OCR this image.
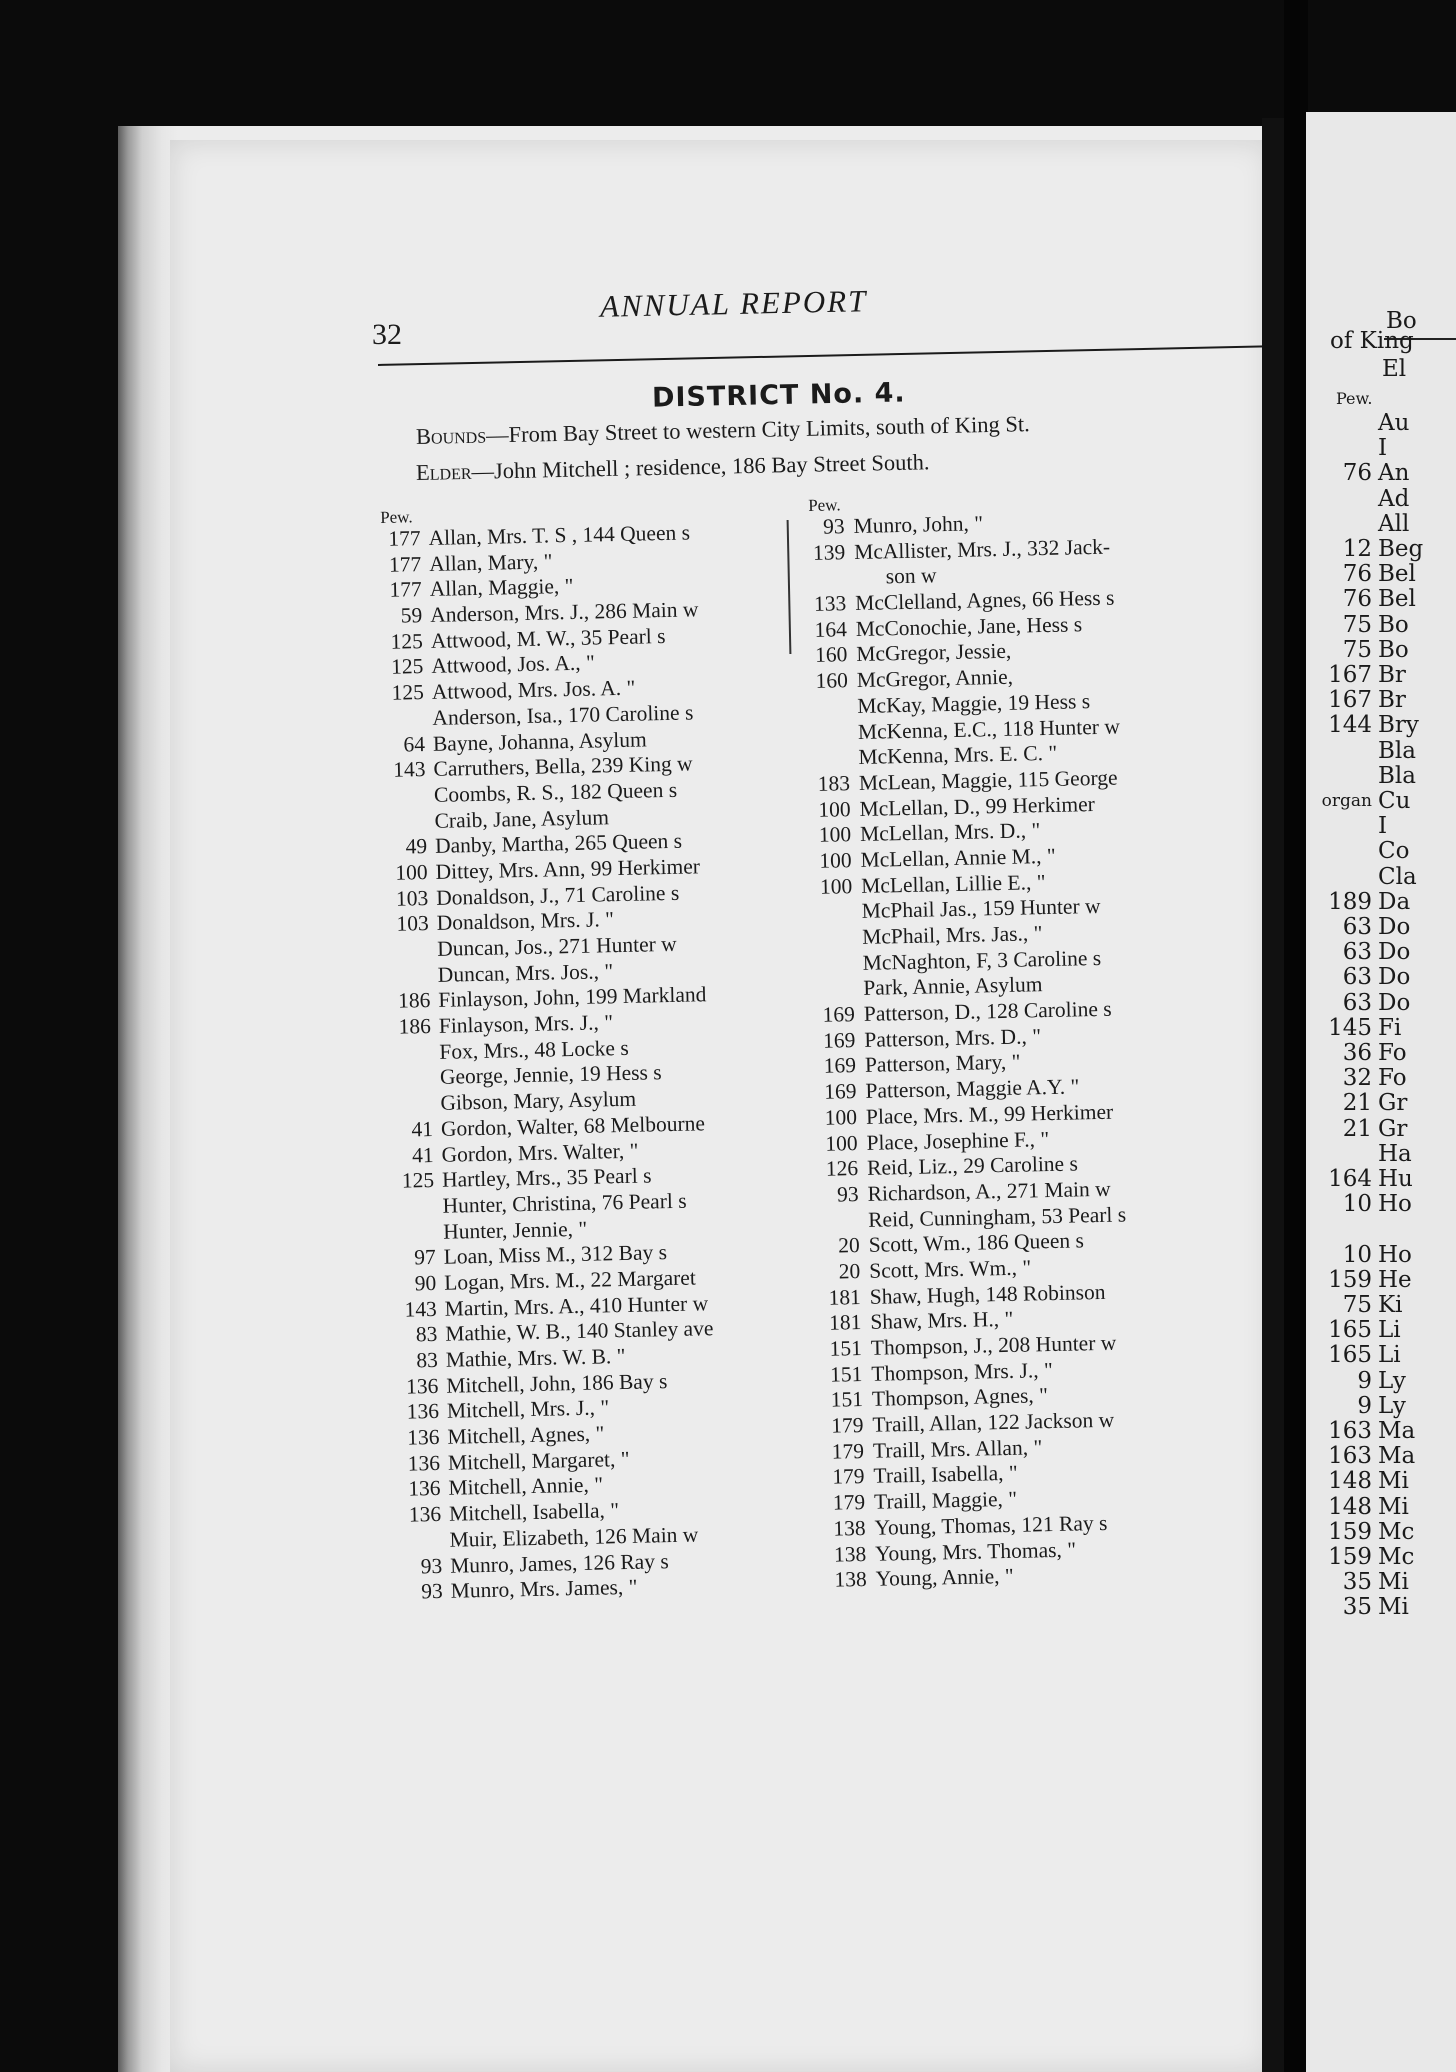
32
ANNUAL REPORT
DISTRICT No. 4.
Bounds—From Bay Street to western City Limits, south of King St.
Elder—John Mitchell ; residence, 186 Bay Street South.
Pew.
177 Allan, Mrs. T. S , 144 Queen s
177 Allan, Mary, "
177 Allan, Maggie, "
59 Anderson, Mrs. J., 286 Main w
125 Attwood, M. W., 35 Pearl s
125 Attwood, Jos. A., "
125 Attwood, Mrs. Jos. A. "
Anderson, Isa., 170 Caroline s
64 Bayne, Johanna, Asylum
143 Carruthers, Bella, 239 King w
Coombs, R. S., 182 Queen s
Craib, Jane, Asylum
49 Danby, Martha, 265 Queen s
100 Dittey, Mrs. Ann, 99 Herkimer
103 Donaldson, J., 71 Caroline s
103 Donaldson, Mrs. J. "
Duncan, Jos., 271 Hunter w
Duncan, Mrs. Jos., "
186 Finlayson, John, 199 Markland
186 Finlayson, Mrs. J., "
Fox, Mrs., 48 Locke s
George, Jennie, 19 Hess s
Gibson, Mary, Asylum
41 Gordon, Walter, 68 Melbourne
41 Gordon, Mrs. Walter, "
125 Hartley, Mrs., 35 Pearl s
Hunter, Christina, 76 Pearl s
Hunter, Jennie, "
97 Loan, Miss M., 312 Bay s
90 Logan, Mrs. M., 22 Margaret
143 Martin, Mrs. A., 410 Hunter w
83 Mathie, W. B., 140 Stanley ave
83 Mathie, Mrs. W. B. "
136 Mitchell, John, 186 Bay s
136 Mitchell, Mrs. J., "
136 Mitchell, Agnes, "
136 Mitchell, Margaret, "
136 Mitchell, Annie, "
136 Mitchell, Isabella, "
Muir, Elizabeth, 126 Main w
93 Munro, James, 126 Ray s
93 Munro, Mrs. James, "
Pew.
93 Munro, John, "
139 McAllister, Mrs. J., 332 Jack-
son w
133 McClelland, Agnes, 66 Hess s
164 McConochie, Jane, Hess s
160 McGregor, Jessie,
160 McGregor, Annie,
McKay, Maggie, 19 Hess s
McKenna, E.C., 118 Hunter w
McKenna, Mrs. E. C. "
183 McLean, Maggie, 115 George
100 McLellan, D., 99 Herkimer
100 McLellan, Mrs. D., "
100 McLellan, Annie M., "
100 McLellan, Lillie E., "
McPhail Jas., 159 Hunter w
McPhail, Mrs. Jas., "
McNaghton, F, 3 Caroline s
Park, Annie, Asylum
169 Patterson, D., 128 Caroline s
169 Patterson, Mrs. D., "
169 Patterson, Mary, "
169 Patterson, Maggie A.Y. "
100 Place, Mrs. M., 99 Herkimer
100 Place, Josephine F., "
126 Reid, Liz., 29 Caroline s
93 Richardson, A., 271 Main w
Reid, Cunningham, 53 Pearl s
20 Scott, Wm., 186 Queen s
20 Scott, Mrs. Wm., "
181 Shaw, Hugh, 148 Robinson
181 Shaw, Mrs. H., "
151 Thompson, J., 208 Hunter w
151 Thompson, Mrs. J., "
151 Thompson, Agnes, "
179 Traill, Allan, 122 Jackson w
179 Traill, Mrs. Allan, "
179 Traill, Isabella, "
179 Traill, Maggie, "
138 Young, Thomas, 121 Ray s
138 Young, Mrs. Thomas, "
138 Young, Annie, "
Bo
of King
El
Pew.
Au
I
76 An
Ad
All
12 Beg
76 Bel
76 Bel
75 Bo
75 Bo
167 Br
167 Br
144 Bry
Bla
Bla
organ Cu
I
Co
Cla
189 Da
63 Do
63 Do
63 Do
63 Do
145 Fi
36 Fo
32 Fo
21 Gr
21 Gr
Ha
164 Hu
10 Ho
10 Ho
159 He
75 Ki
165 Li
165 Li
9 Ly
9 Ly
163 Ma
163 Ma
148 Mi
148 Mi
159 Mc
159 Mc
35 Mi
35 Mi
